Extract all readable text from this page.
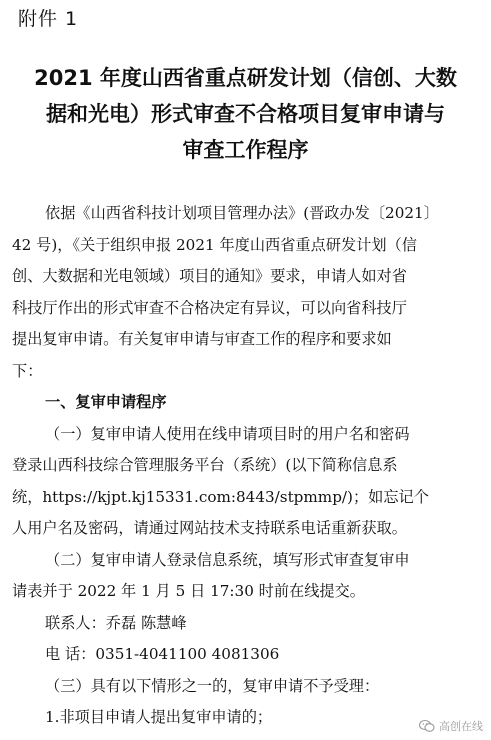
附件 1
2021 年度山西省重点研发计划（信创、大数
据和光电）形式审查不合格项目复审申请与
审查工作程序
依据《山西省科技计划项目管理办法》(晋政办发〔2021〕
42 号)，《关于组织申报 2021 年度山西省重点研发计划（信
创、大数据和光电领域）项目的通知》要求，申请人如对省
科技厅作出的形式审查不合格决定有异议，可以向省科技厅
提出复审申请。有关复审申请与审查工作的程序和要求如
下：
一、复审申请程序
（一）复审申请人使用在线申请项目时的用户名和密码
登录山西科技综合管理服务平台（系统）(以下简称信息系
统，https://kjpt.kj15331.com:8443/stpmmp/)；如忘记个
人用户名及密码，请通过网站技术支持联系电话重新获取。
（二）复审申请人登录信息系统，填写形式审查复审申
请表并于 2022 年 1 月 5 日 17:30 时前在线提交。
联系人：乔磊 陈慧峰
电 话：0351-4041100 4081306
（三）具有以下情形之一的，复审申请不予受理：
1.非项目申请人提出复审申请的；
高创在线
